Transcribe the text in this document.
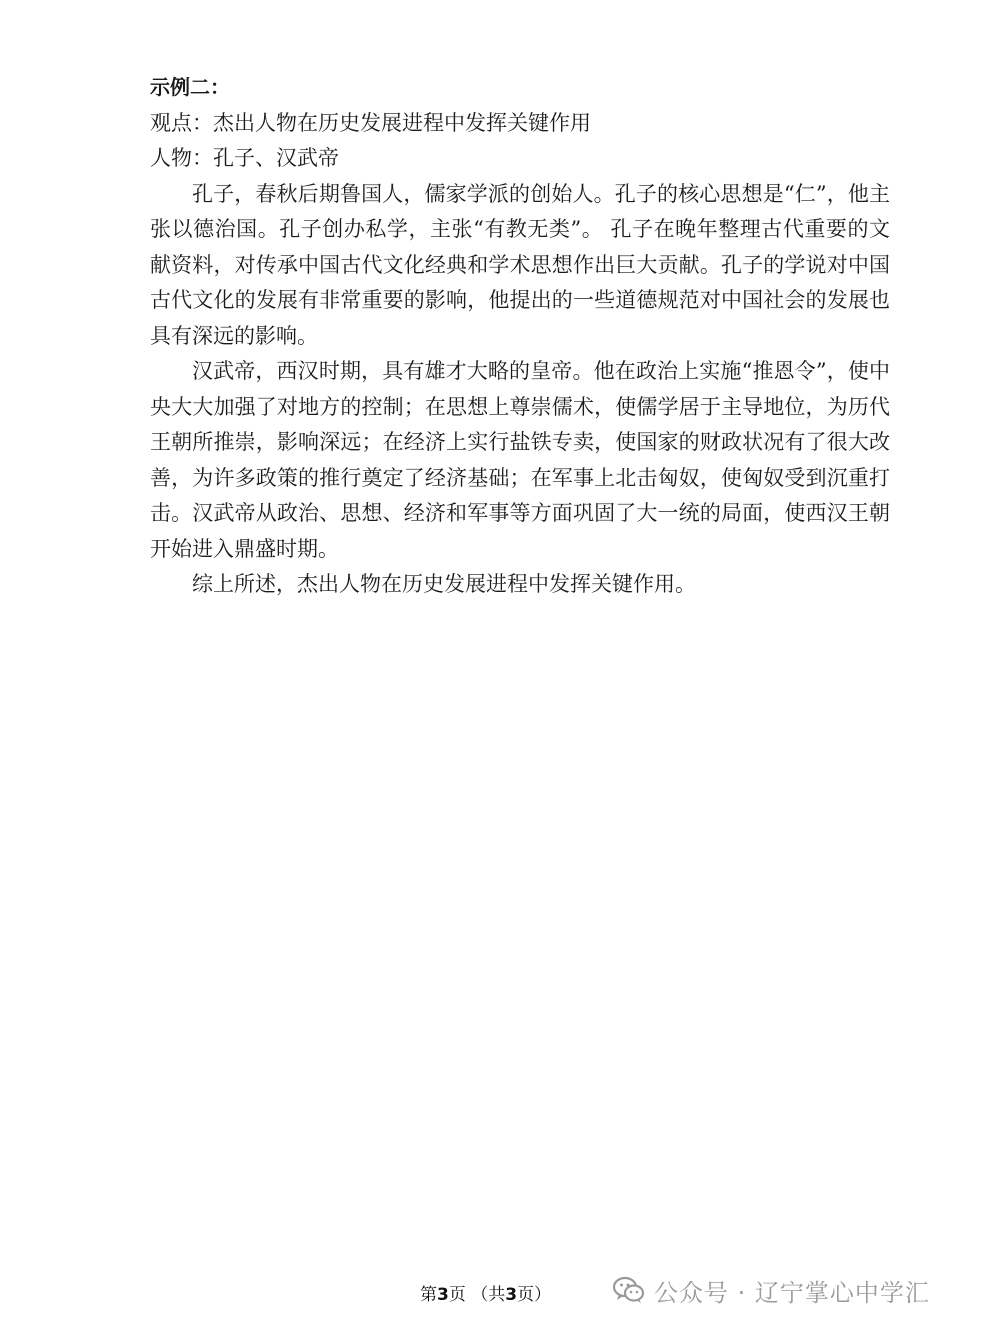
示例二：

观点：杰出人物在历史发展进程中发挥关键作用

人物：孔子、汉武帝

孔子，春秋后期鲁国人，儒家学派的创始人。孔子的核心思想是“仁”，他主张以德治国。孔子创办私学，主张“有教无类”。 孔子在晚年整理古代重要的文献资料，对传承中国古代文化经典和学术思想作出巨大贡献。孔子的学说对中国古代文化的发展有非常重要的影响，他提出的一些道德规范对中国社会的发展也具有深远的影响。

汉武帝，西汉时期，具有雄才大略的皇帝。他在政治上实施“推恩令”，使中央大大加强了对地方的控制；在思想上尊崇儒术，使儒学居于主导地位，为历代王朝所推崇，影响深远；在经济上实行盐铁专卖，使国家的财政状况有了很大改善，为许多政策的推行奠定了经济基础；在军事上北击匈奴，使匈奴受到沉重打击。汉武帝从政治、思想、经济和军事等方面巩固了大一统的局面，使西汉王朝开始进入鼎盛时期。

综上所述，杰出人物在历史发展进程中发挥关键作用。

第3页 （共3页）	公众号 · 辽宁掌心中学汇
